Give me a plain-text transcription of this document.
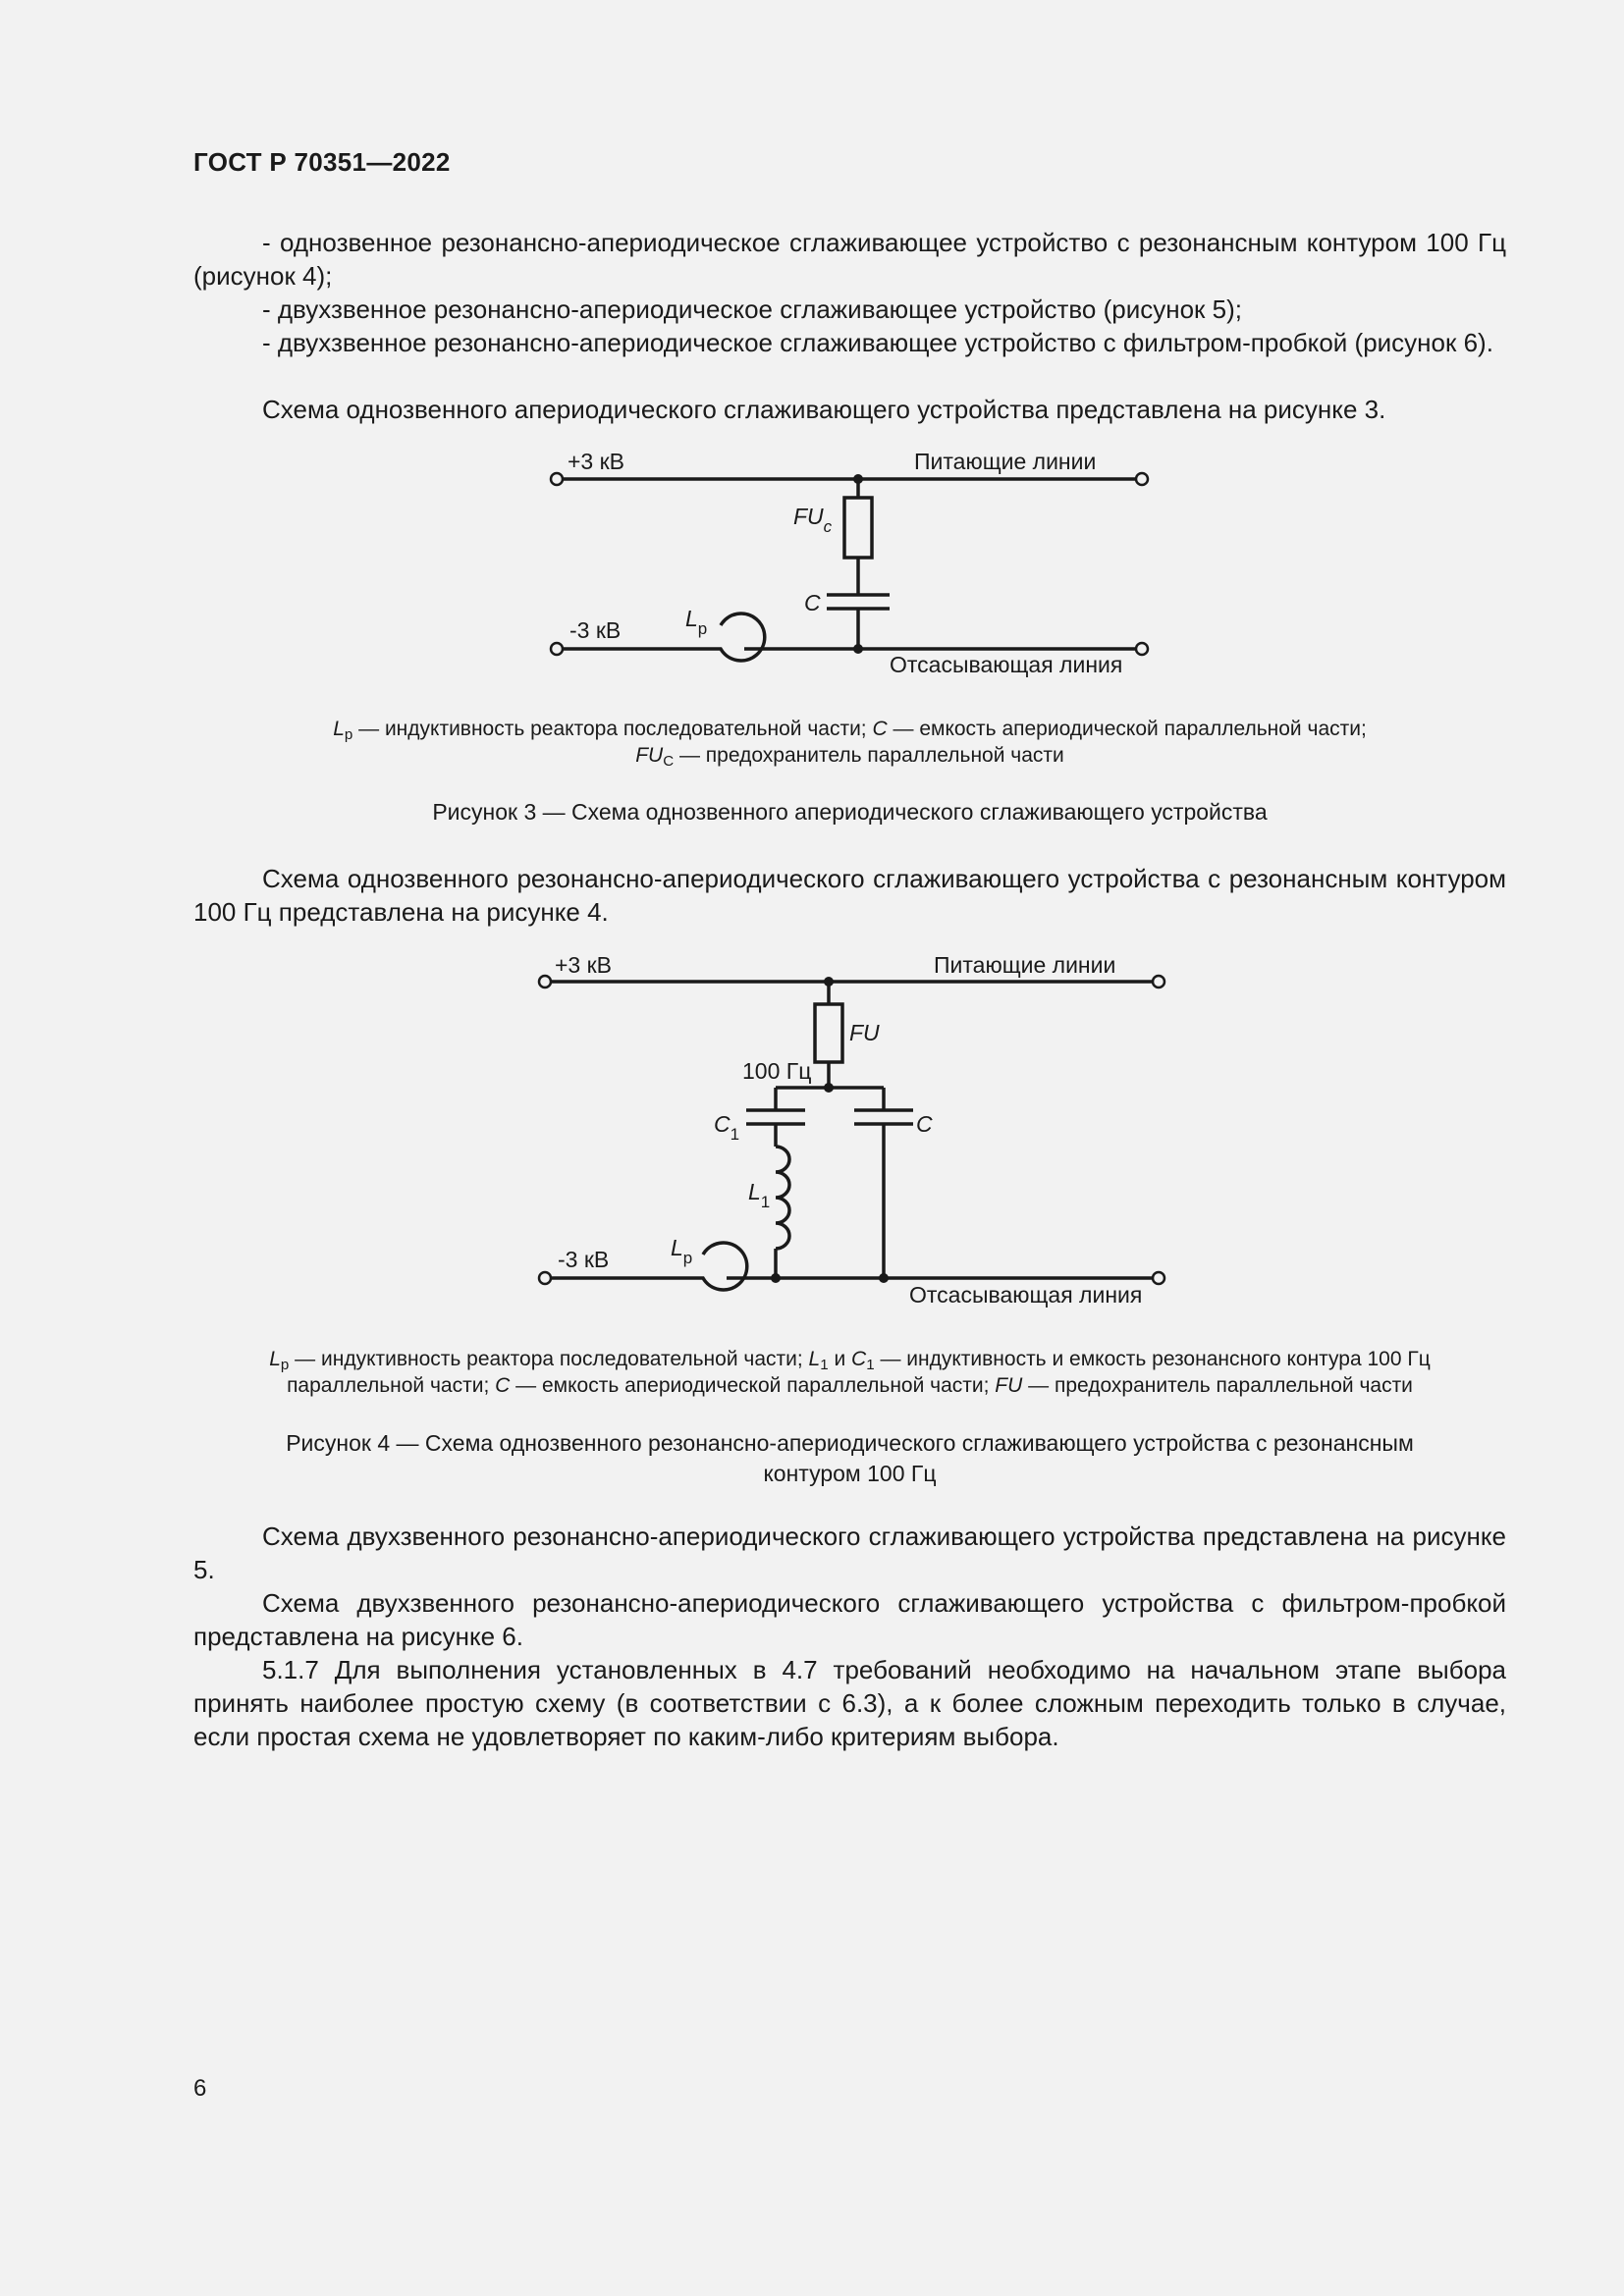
ГОСТ Р 70351—2022
- однозвенное резонансно-апериодическое сглаживающее устройство с резонансным контуром 100 Гц (рисунок 4);
- двухзвенное резонансно-апериодическое сглаживающее устройство (рисунок 5);
- двухзвенное резонансно-апериодическое сглаживающее устройство с фильтром-пробкой (рисунок 6).
Схема однозвенного апериодического сглаживающего устройства представлена на рисунке 3.
+3 кВ	Питающие линии
-3 кВ
Отсасывающая линия
$FU_c$
C
$L_p$
$L_р$ — индуктивность реактора последовательной части; C — емкость апериодической параллельной части;
$FU_C$ — предохранитель параллельной части
Рисунок 3 — Схема однозвенного апериодического сглаживающего устройства
Схема однозвенного резонансно-апериодического сглаживающего устройства с резонансным контуром 100 Гц представлена на рисунке 4.
+3 кВ	Питающие линии
-3 кВ
Отсасывающая линия
FU
100 Гц
$C_1$	C
$L_1$
$L_p$
$L_р$ — индуктивность реактора последовательной части; $L_1$ и $C_1$ — индуктивность и емкость резонансного контура 100 Гц
параллельной части; C — емкость апериодической параллельной части; FU — предохранитель параллельной части
Рисунок 4 — Схема однозвенного резонансно-апериодического сглаживающего устройства с резонансным
контуром 100 Гц
Схема двухзвенного резонансно-апериодического сглаживающего устройства представлена на рисунке 5.
Схема двухзвенного резонансно-апериодического сглаживающего устройства с фильтром-пробкой представлена на рисунке 6.
5.1.7 Для выполнения установленных в 4.7 требований необходимо на начальном этапе выбора принять наиболее простую схему (в соответствии с 6.3), а к более сложным переходить только в случае, если простая схема не удовлетворяет по каким-либо критериям выбора.
6
